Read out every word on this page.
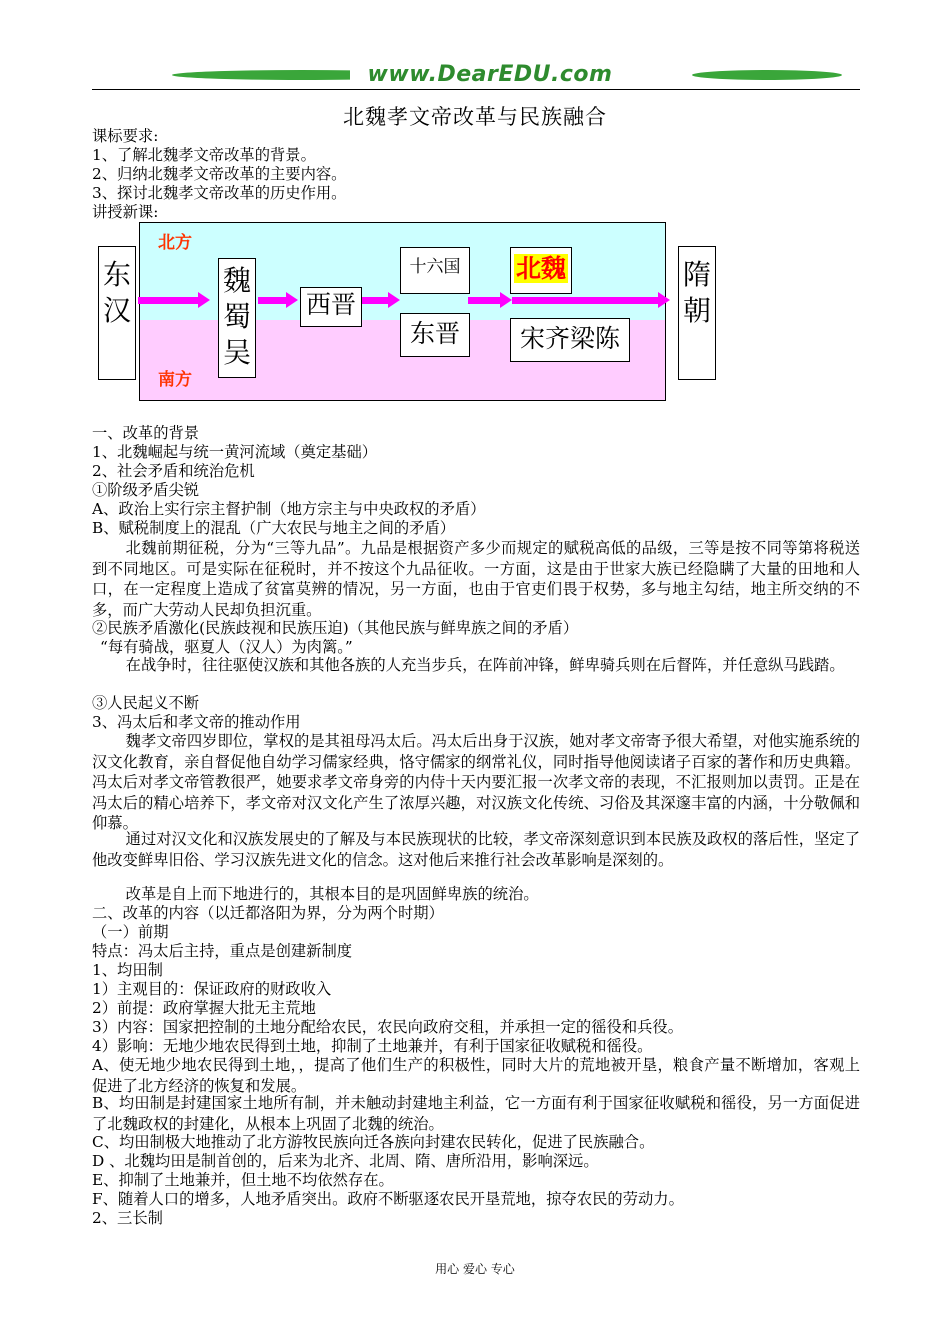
www.DearEDU.com
北魏孝文帝改革与民族融合
课标要求:
1、了解北魏孝文帝改革的背景。
2、归纳北魏孝文帝改革的主要内容。
3、探讨北魏孝文帝改革的历史作用。
讲授新课:
北方
南方
东
汉
魏
蜀
吴
西晋
十六国	北魏
东晋	宋齐梁陈
隋
朝
一、改革的背景
1、北魏崛起与统一黄河流域（奠定基础）
2、社会矛盾和统治危机
①阶级矛盾尖锐
A、政治上实行宗主督护制（地方宗主与中央政权的矛盾）
B、赋税制度上的混乱（广大农民与地主之间的矛盾）
北魏前期征税，分为“三等九品”。九品是根据资产多少而规定的赋税高低的品级，三等是按不同等第将税送到不同地区。可是实际在征税时，并不按这个九品征收。一方面，这是由于世家大族已经隐瞒了大量的田地和人口，在一定程度上造成了贫富莫辨的情况，另一方面，也由于官吏们畏于权势，多与地主勾结，地主所交纳的不多，而广大劳动人民却负担沉重。
②民族矛盾激化(民族歧视和民族压迫)（其他民族与鲜卑族之间的矛盾）
“每有骑战，驱夏人（汉人）为肉篱。”
在战争时，往往驱使汉族和其他各族的人充当步兵，在阵前冲锋，鲜卑骑兵则在后督阵，并任意纵马践踏。
③人民起义不断
3、冯太后和孝文帝的推动作用
魏孝文帝四岁即位，掌权的是其祖母冯太后。冯太后出身于汉族，她对孝文帝寄予很大希望，对他实施系统的汉文化教育，亲自督促他自幼学习儒家经典，恪守儒家的纲常礼仪，同时指导他阅读诸子百家的著作和历史典籍。冯太后对孝文帝管教很严，她要求孝文帝身旁的内侍十天内要汇报一次孝文帝的表现，不汇报则加以责罚。正是在冯太后的精心培养下，孝文帝对汉文化产生了浓厚兴趣，对汉族文化传统、习俗及其深邃丰富的内涵，十分敬佩和仰慕。
通过对汉文化和汉族发展史的了解及与本民族现状的比较，孝文帝深刻意识到本民族及政权的落后性，坚定了他改变鲜卑旧俗、学习汉族先进文化的信念。这对他后来推行社会改革影响是深刻的。
改革是自上而下地进行的，其根本目的是巩固鲜卑族的统治。
二、改革的内容（以迁都洛阳为界，分为两个时期）
（一）前期
特点：冯太后主持，重点是创建新制度
1、均田制
1）主观目的：保证政府的财政收入
2）前提：政府掌握大批无主荒地
3）内容：国家把控制的土地分配给农民，农民向政府交租，并承担一定的徭役和兵役。
4）影响：无地少地农民得到土地，抑制了土地兼并，有利于国家征收赋税和徭役。
A、使无地少地农民得到土地，，提高了他们生产的积极性，同时大片的荒地被开垦，粮食产量不断增加，客观上促进了北方经济的恢复和发展。
B、均田制是封建国家土地所有制，并未触动封建地主利益，它一方面有利于国家征收赋税和徭役，另一方面促进了北魏政权的封建化，从根本上巩固了北魏的统治。
C、均田制极大地推动了北方游牧民族向迁各族向封建农民转化，促进了民族融合。
D 、北魏均田是制首创的，后来为北齐、北周、隋、唐所沿用，影响深远。
E、抑制了土地兼并，但土地不均依然存在。
F、随着人口的增多，人地矛盾突出。政府不断驱逐农民开垦荒地，掠夺农民的劳动力。
2、三长制
用心 爱心 专心
